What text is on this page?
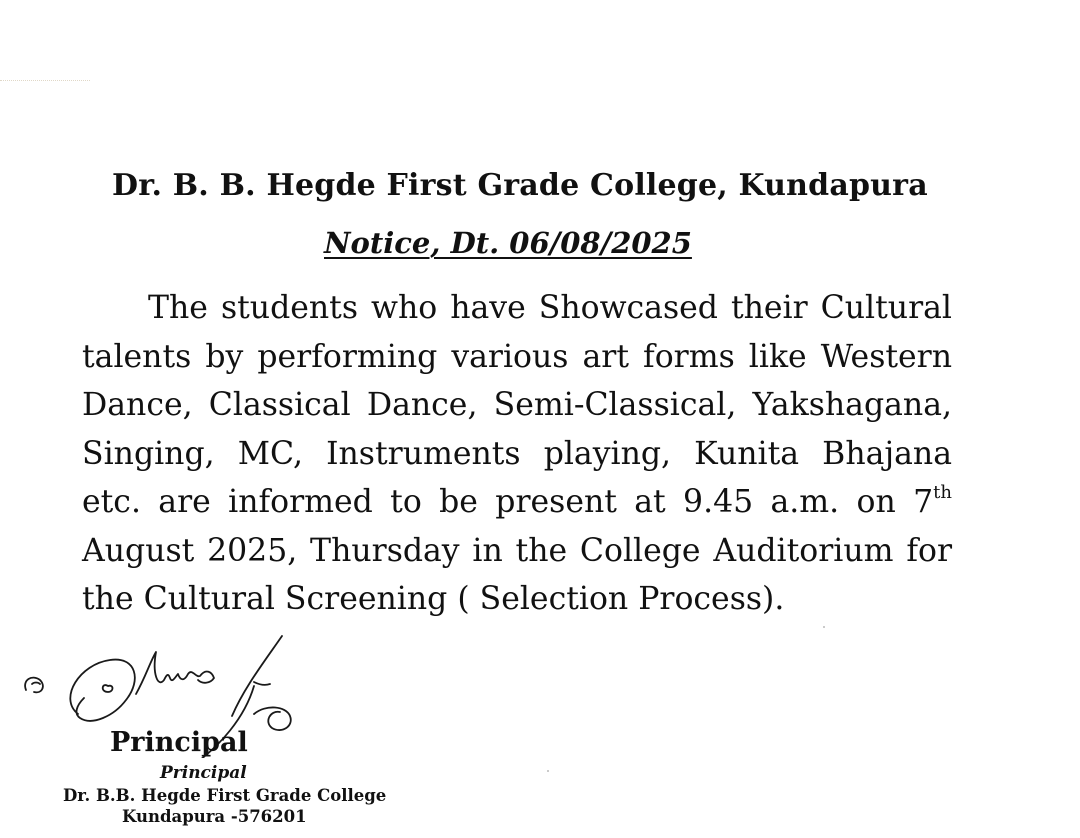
Dr. B. B. Hegde First Grade College, Kundapura
Notice, Dt. 06/08/2025

The students who have Showcased their Cultural talents by performing various art forms like Western Dance, Classical Dance, Semi-Classical, Yakshagana, Singing, MC, Instruments playing, Kunita Bhajana etc. are informed to be present at 9.45 a.m. on 7th August 2025, Thursday in the College Auditorium for the Cultural Screening ( Selection Process).

Principal
Principal
Dr. B.B. Hegde First Grade College
Kundapura -576201
